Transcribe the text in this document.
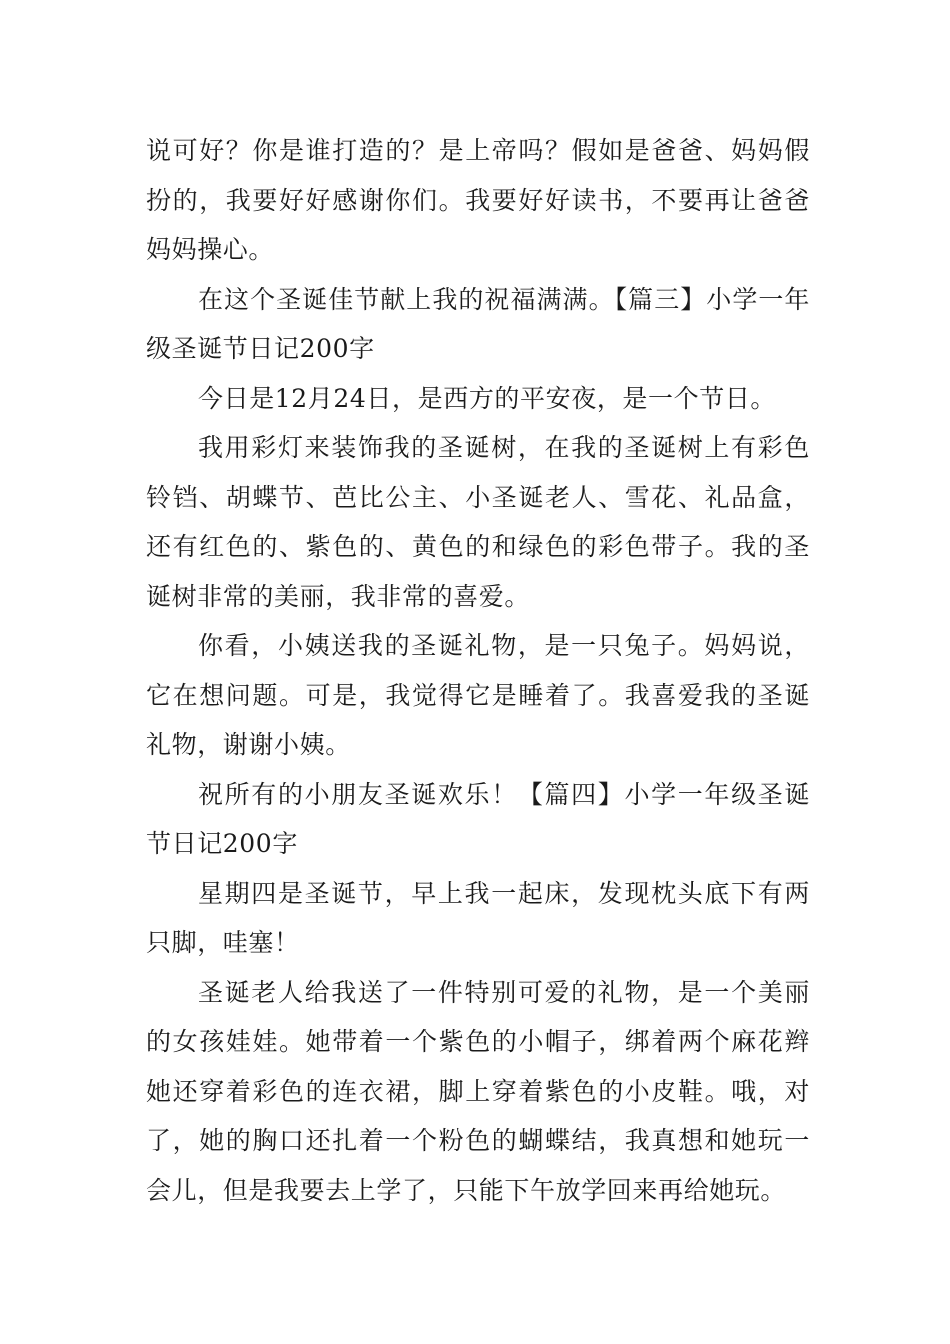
说可好？你是谁打造的？是上帝吗？假如是爸爸、妈妈假扮的，我要好好感谢你们。我要好好读书，不要再让爸爸妈妈操心。

在这个圣诞佳节献上我的祝福满满。【篇三】小学一年级圣诞节日记200字

今日是12月24日，是西方的平安夜，是一个节日。

我用彩灯来装饰我的圣诞树，在我的圣诞树上有彩色铃铛、胡蝶节、芭比公主、小圣诞老人、雪花、礼品盒，还有红色的、紫色的、黄色的和绿色的彩色带子。我的圣诞树非常的美丽，我非常的喜爱。

你看，小姨送我的圣诞礼物，是一只兔子。妈妈说，它在想问题。可是，我觉得它是睡着了。我喜爱我的圣诞礼物，谢谢小姨。

祝所有的小朋友圣诞欢乐！【篇四】小学一年级圣诞节日记200字

星期四是圣诞节，早上我一起床，发现枕头底下有两只脚，哇塞！

圣诞老人给我送了一件特别可爱的礼物，是一个美丽的女孩娃娃。她带着一个紫色的小帽子，绑着两个麻花辫她还穿着彩色的连衣裙，脚上穿着紫色的小皮鞋。哦，对了，她的胸口还扎着一个粉色的蝴蝶结，我真想和她玩一会儿，但是我要去上学了，只能下午放学回来再给她玩。
